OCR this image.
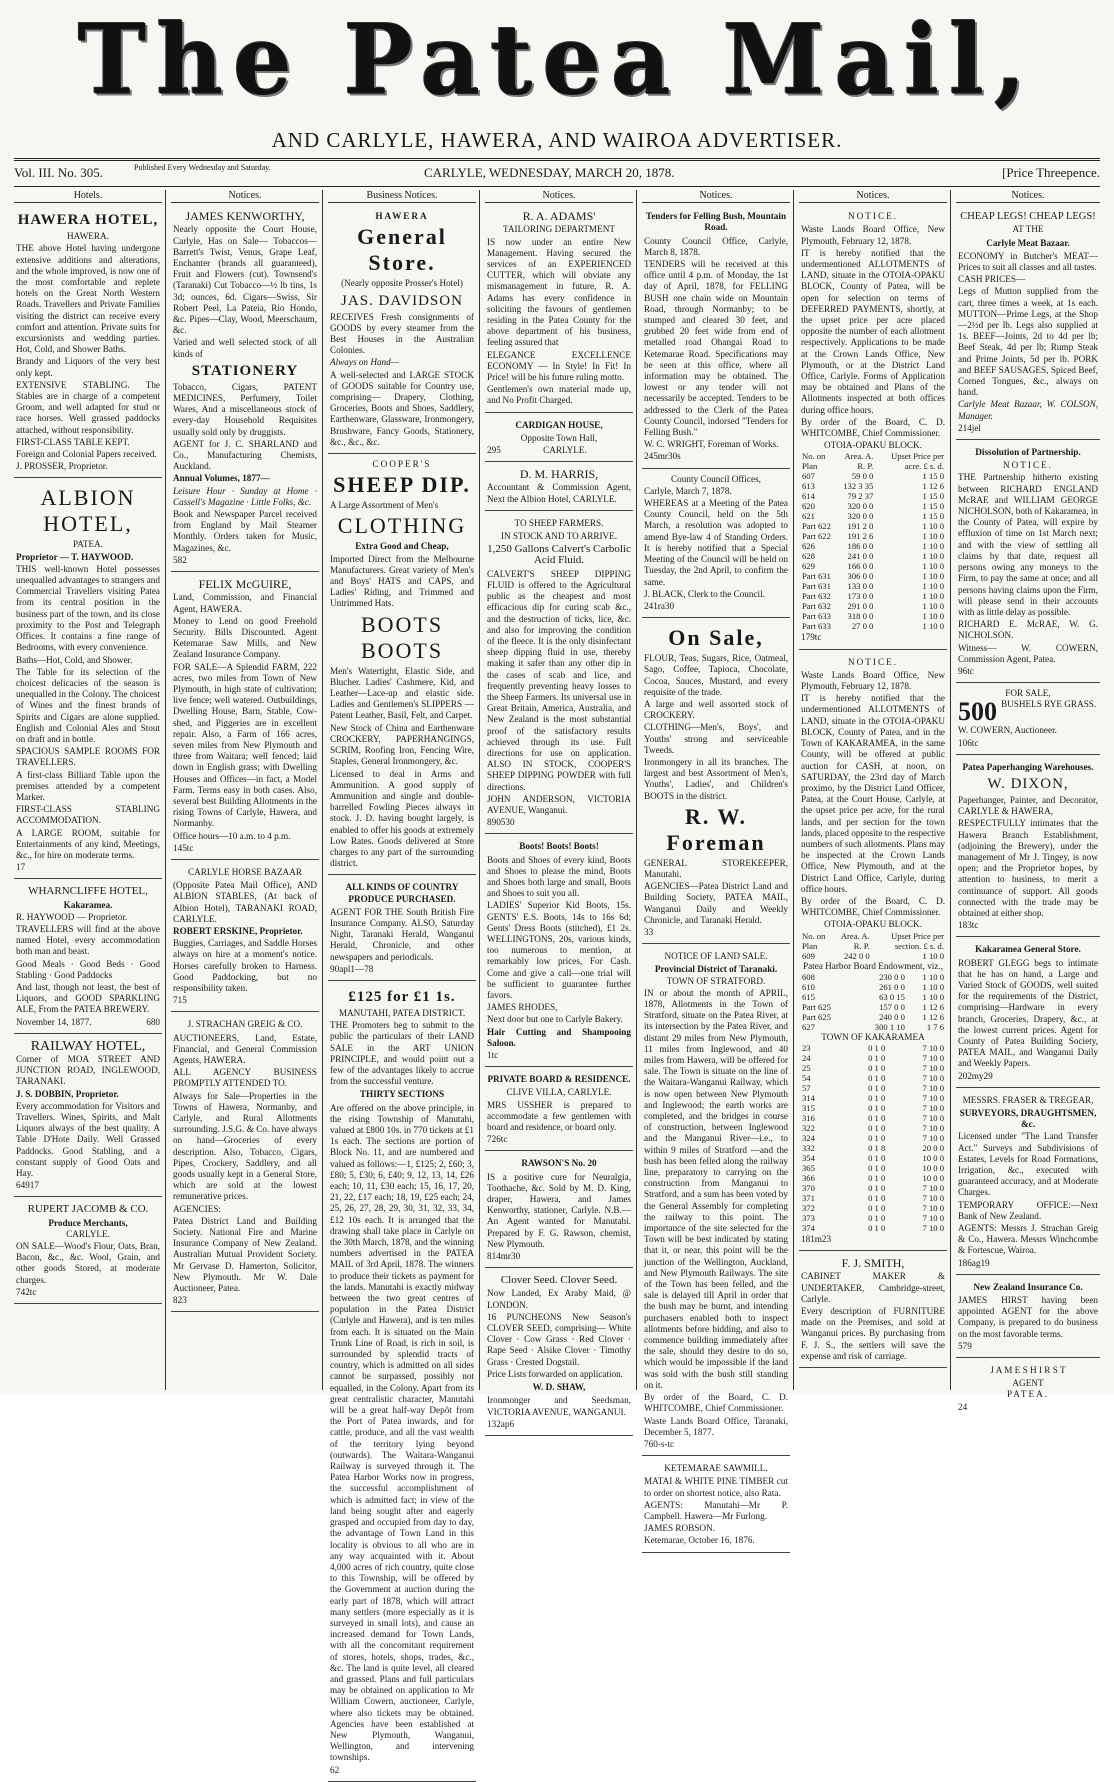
The Patea Mail,
AND CARLYLE, HAWERA, AND WAIROA ADVERTISER.
Vol. III. No. 305.	Published Every Wednesday and Saturday.	CARLYLE, WEDNESDAY, MARCH 20, 1878.	[Price Threepence.
Hotels.
HAWERA HOTEL,
HAWERA.

THE above Hotel having undergone extensive additions and alterations, and the whole improved, is now one of the most comfortable and replete hotels on the Great North Western Roads. Travellers and Private Families visiting the district can receive every comfort and attention. Private suits for excursionists and wedding parties. Hot, Cold, and Shower Baths.

Brandy and Liquors of the very best only kept.

EXTENSIVE STABLING. The Stables are in charge of a competent Groom, and well adapted for stud or race horses. Well grassed paddocks attached, without responsibility.

FIRST-CLASS TABLE KEPT.

Foreign and Colonial Papers received.

J. PROSSER, Proprietor.

ALBION HOTEL,
PATEA.

Proprietor — T. HAYWOOD.

THIS well-known Hotel possesses unequalled advantages to strangers and Commercial Travellers visiting Patea from its central position in the business part of the town, and its close proximity to the Post and Telegraph Offices. It contains a fine range of Bedrooms, with every convenience.

Baths—Hot, Cold, and Shower.

The Table for its selection of the choicest delicacies of the season is unequalled in the Colony. The choicest of Wines and the finest brands of Spirits and Cigars are alone supplied. English and Colonial Ales and Stout on draft and in bottle.

SPACIOUS SAMPLE ROOMS FOR TRAVELLERS.

A first-class Billiard Table upon the premises attended by a competent Marker.

FIRST-CLASS STABLING ACCOMMODATION.

A LARGE ROOM, suitable for Entertainments of any kind, Meetings, &c., for hire on moderate terms.

17

WHARNCLIFFE HOTEL,
Kakaramea.

R. HAYWOOD — Proprietor.

TRAVELLERS will find at the above named Hotel, every accommodation both man and beast.

Good Meals · Good Beds · Good Stabling · Good Paddocks

And last, though not least, the best of Liquors, and GOOD SPARKLING ALE, From the PATEA BREWERY.

November 14, 1877.	680

RAILWAY HOTEL,

Corner of MOA STREET AND JUNCTION ROAD, INGLEWOOD, TARANAKI.

J. S. DOBBIN, Proprietor.

Every accommodation for Visitors and Travellers. Wines, Spirits, and Malt Liquors always of the best quality. A Table D'Hote Daily. Well Grassed Paddocks. Good Stabling, and a constant supply of Good Oats and Hay.

64917

RUPERT JACOMB & CO.
Produce Merchants,
CARLYLE.

ON SALE—Wood's Flour, Oats, Bran, Bacon, &c., &c. Wool, Grain, and other goods Stored, at moderate charges.

742tc

Notices.
JAMES KENWORTHY,

Nearly opposite the Court House, Carlyle, Has on Sale— Tobaccos—Barrett's Twist, Venus, Grape Leaf, Enchanter (brands all guaranteed), Fruit and Flowers (cut). Townsend's (Taranaki) Cut Tobacco—½ lb tins, 1s 3d; ounces, 6d. Cigars—Swiss, Sir Robert Peel, La Pateia, Rio Hondo, &c. Pipes—Clay, Wood, Meerschaum, &c.

Varied and well selected stock of all kinds of

STATIONERY

Tobacco, Cigars, PATENT MEDICINES, Perfumery, Toilet Wares, And a miscellaneous stock of every-day Household Requisites usually sold only by druggists.

AGENT for J. C. SHARLAND and Co., Manufacturing Chemists, Auckland.

Annual Volumes, 1877—

Leisure Hour · Sunday at Home · Cassell's Magazine · Little Folks, &c.

Book and Newspaper Parcel received from England by Mail Steamer Monthly. Orders taken for Music, Magazines, &c.

582

FELIX McGUIRE,

Land, Commission, and Financial Agent, HAWERA.

Money to Lend on good Freehold Security. Bills Discounted. Agent Ketemarae Saw Mills, and New Zealand Insurance Company.

FOR SALE—A Splendid FARM, 222 acres, two miles from Town of New Plymouth, in high state of cultivation; live fence; well watered. Outbuildings, Dwelling House, Barn, Stable, Cow-shed, and Piggeries are in excellent repair. Also, a Farm of 166 acres, seven miles from New Plymouth and three from Waitara; well fenced; laid down in English grass; with Dwelling Houses and Offices—in fact, a Model Farm. Terms easy in both cases. Also, several best Building Allotments in the rising Towns of Carlyle, Hawera, and Normanby.

Office hours—10 a.m. to 4 p.m.

145tc

CARLYLE HORSE BAZAAR

(Opposite Patea Mail Office), AND ALBION STABLES, (At back of Albion Hotel), TARANAKI ROAD, CARLYLE.

ROBERT ERSKINE, Proprietor.

Buggies, Carriages, and Saddle Horses always on hire at a moment's notice. Horses carefully broken to Harness. Good Paddocking, but no responsibility taken.

715

J. STRACHAN GREIG & CO.

AUCTIONEERS, Land, Estate, Financial, and General Commission Agents, HAWERA.

ALL AGENCY BUSINESS PROMPTLY ATTENDED TO.

Always for Sale—Properties in the Towns of Hawera, Normanby, and Carlyle, and Rural Allotments surrounding. J.S.G. & Co. have always on hand—Groceries of every description. Also, Tobacco, Cigars, Pipes, Crockery, Saddlery, and all goods usually kept in a General Store, which are sold at the lowest remunerative prices.

AGENCIES:

Patea District Land and Building Society. National Fire and Marine Insurance Company of New Zealand. Australian Mutual Provident Society. Mr Gervase D. Hamerton, Solicitor, New Plymouth. Mr W. Dale Auctioneer, Patea.

823

Business Notices.
HAWERA
General Store.
(Nearly opposite Prosser's Hotel)
JAS. DAVIDSON

RECEIVES Fresh consignments of GOODS by every steamer from the Best Houses in the Australian Colonies.

Always on Hand—

A well-selected and LARGE STOCK of GOODS suitable for Country use, comprising— Drapery, Clothing, Groceries, Boots and Shoes, Saddlery, Earthenware, Glassware, Ironmongery, Brushware, Fancy Goods, Stationery, &c., &c., &c.

COOPER'S
SHEEP DIP.

A Large Assortment of Men's

CLOTHING
Extra Good and Cheap,

Imported Direct from the Melbourne Manufacturers. Great variety of Men's and Boys' HATS and CAPS, and Ladies' Riding, and Trimmed and Untrimmed Hats.

BOOTS BOOTS

Men's Watertight, Elastic Side, and Blucher. Ladies' Cashmere, Kid, and Leather—Lace-up and elastic side. Ladies and Gentlemen's SLIPPERS —Patent Leather, Basil, Felt, and Carpet.

New Stock of China and Earthenware CROCKERY, PAPERHANGINGS, SCRIM, Roofing Iron, Fencing Wire, Staples, General Ironmongery, &c.

Licensed to deal in Arms and Ammunition. A good supply of Ammunition and single and double-barrelled Fowling Pieces always in stock. J. D. having bought largely, is enabled to offer his goods at extremely Low Rates. Goods delivered at Store charges to any part of the surrounding district.

ALL KINDS OF COUNTRY PRODUCE PURCHASED.

AGENT FOR THE South British Fire Insurance Company. ALSO, Saturday Night, Taranaki Herald, Wanganui Herald, Chronicle, and other newspapers and periodicals.

90apl1—78

£125 for £1 1s.
MANUTAHI, PATEA DISTRICT.

THE Promoters beg to submit to the public the particulars of their LAND SALE in the ART UNION PRINCIPLE, and would point out a few of the advantages likely to accrue from the successful venture.

THIRTY SECTIONS

Are offered on the above principle, in the rising Township of Manutahi, valued at £800 10s. in 770 tickets at £1 1s each. The sections are portion of Block No. 11, and are numbered and valued as follows:—1, £125; 2, £60; 3, £80; 5, £30; 6, £40; 9, 12, 13, 14, £26 each; 10, 11, £30 each; 15, 16, 17, 20, 21, 22, £17 each; 18, 19, £25 each; 24, 25, 26, 27, 28, 29, 30, 31, 32, 33, 34, £12 10s each. It is arranged that the drawing shall take place in Carlyle on the 30th March, 1878, and the winning numbers advertised in the PATEA MAIL of 3rd April, 1878. The winners to produce their tickets as payment for the lands. Manutahi is exactly midway between the two great centres of population in the Patea District (Carlyle and Hawera), and is ten miles from each. It is situated on the Main Trunk Line of Road, is rich in soil, is surrounded by splendid tracts of country, which is admitted on all sides cannot be surpassed, possibly not equalled, in the Colony. Apart from its great centralistic character, Manutahi will be a great half-way Depôt from the Port of Patea inwards, and for cattle, produce, and all the vast wealth of the territory lying beyond (outwards). The Waitara-Wanganui Railway is surveyed through it. The Patea Harbor Works now in progress, the successful accomplishment of which is admitted fact; in view of the land being sought after and eagerly grasped and occupied from day to day, the advantage of Town Land in this locality is obvious to all who are in any way acquainted with it. About 4,000 acres of rich country, quite close to this Township, will be offered by the Government at auction during the early part of 1878, which will attract many settlers (more especially as it is surveyed in small lots), and cause an increased demand for Town Lands, with all the concomitant requirement of stores, hotels, shops, trades, &c., &c. The land is quite level, all cleared and grassed. Plans and full particulars may be obtained on application to Mr William Cowern, auctioneer, Carlyle, where also tickets may be obtained. Agencies have been established at New Plymouth, Wanganui, Wellington, and intervening townships.

62

Notices.
R. A. ADAMS'
TAILORING DEPARTMENT

IS now under an entire New Management. Having secured the services of an EXPERIENCED CUTTER, which will obviate any mismanagement in future, R. A. Adams has every confidence in soliciting the favours of gentlemen residing in the Patea County for the above department of his business, feeling assured that

ELEGANCE EXCELLENCE ECONOMY — In Style! In Fit! In Price! will be his future ruling motto.

Gentlemen's own material made up, and No Profit Charged.

CARDIGAN HOUSE,
Opposite Town Hall,

295	CARLYLE.

D. M. HARRIS,

Accountant & Commission Agent, Next the Albion Hotel, CARLYLE.

TO SHEEP FARMERS.
IN STOCK AND TO ARRIVE.
1,250 Gallons Calvert's Carbolic Acid Fluid.

CALVERT'S SHEEP DIPPING FLUID is offered to the Agricultural public as the cheapest and most efficacious dip for curing scab &c., and the destruction of ticks, lice, &c. and also for improving the condition of the fleece. It is the only disinfectant sheep dipping fluid in use, thereby making it safer than any other dip in the cases of scab and lice, and frequently preventing heavy losses to the Sheep Farmers. Its universal use in Great Britain, America, Australia, and New Zealand is the most substantial proof of the satisfactory results achieved through its use. Full directions for use on application. ALSO IN STOCK, COOPER'S SHEEP DIPPING POWDER with full directions.

JOHN ANDERSON, VICTORIA AVENUE, Wanganui.

890530

Boots! Boots! Boots!

Boots and Shoes of every kind, Boots and Shoes to please the mind, Boots and Shoes both large and small, Boots and Shoes to suit you all.

LADIES' Superior Kid Boots, 15s. GENTS' E.S. Boots, 14s to 16s 6d; Gents' Dress Boots (stitched), £1 2s. WELLINGTONS, 20s, various kinds, too numerous to mention, at remarkably low prices, For Cash. Come and give a call—one trial will be sufficient to guarantee further favors.

JAMES RHODES,

Next door but one to Carlyle Bakery.

Hair Cutting and Shampooing Saloon.

1tc

PRIVATE BOARD & RESIDENCE.
CLIVE VILLA, CARLYLE.

MRS USSHER is prepared to accommodate a few gentlemen with board and residence, or board only.

726tc

RAWSON'S No. 20

IS a positive cure for Neuralgia, Toothache, &c. Sold by M. D. King, draper, Hawera, and James Kenworthy, stationer, Carlyle. N.B.—An Agent wanted for Manutahi. Prepared by F. G. Rawson, chemist, New Plymouth.

814mr30

Clover Seed. Clover Seed.

Now Landed, Ex Araby Maid, @ LONDON.

16 PUNCHEONS New Season's CLOVER SEED, comprising— White Clover · Cow Grass · Red Clover · Rape Seed · Alsike Clover · Timothy Grass · Crested Dogstail.

Price Lists forwarded on application.

W. D. SHAW,

Ironmonger and Seedsman, VICTORIA AVENUE, WANGANUI.

132ap6

Notices.
Tenders for Felling Bush, Mountain Road.

County Council Office, Carlyle, March 8, 1878.

TENDERS will be received at this office until 4 p.m. of Monday, the 1st day of April, 1878, for FELLING BUSH one chain wide on Mountain Road, through Normanby; to be stumped and cleared 30 feet, and grubbed 20 feet wide from end of metalled road Ohangai Road to Ketemarae Road. Specifications may be seen at this office, where all information may be obtained. The lowest or any tender will not necessarily be accepted. Tenders to be addressed to the Clerk of the Patea County Council, indorsed "Tenders for Felling Bush."

W. C. WRIGHT, Foreman of Works.

245mr30s

County Council Offices,

Carlyle, March 7, 1878.

WHEREAS at a Meeting of the Patea County Council, held on the 5th March, a resolution was adopted to amend Bye-law 4 of Standing Orders. It is hereby notified that a Special Meeting of the Council will be held on Tuesday, the 2nd April, to confirm the same.

J. BLACK, Clerk to the Council.

241ra30

On Sale,

FLOUR, Teas, Sugars, Rice, Oatmeal, Sago, Coffee, Tapioca, Chocolate, Cocoa, Sauces, Mustard, and every requisite of the trade.

A large and well assorted stock of CROCKERY.

CLOTHING—Men's, Boys', and Youths' strong and serviceable Tweeds.

Ironmongery in all its branches. The largest and best Assortment of Men's, Youths', Ladies', and Children's BOOTS in the district.

R. W. Foreman

GENERAL STOREKEEPER, Manutahi.

AGENCIES—Patea District Land and Building Society, PATEA MAIL, Wanganui Daily and Weekly Chronicle, and Taranaki Herald.

33

NOTICE OF LAND SALE.
Provincial District of Taranaki.
TOWN OF STRATFORD.

IN or about the month of APRIL, 1878, Allotments in the Town of Stratford, situate on the Patea River, at its intersection by the Patea River, and distant 29 miles from New Plymouth, 11 miles from Inglewood, and 40 miles from Hawera, will be offered for sale. The Town is situate on the line of the Waitara-Wanganui Railway, which is now open between New Plymouth and Inglewood; the earth works are completed, and the bridges in course of construction, between Inglewood and the Manganui River—i.e., to within 9 miles of Stratford —and the bush has been felled along the railway line, preparatory to carrying on the construction from Manganui to Stratford, and a sum has been voted by the General Assembly for completing the railway to this point. The importance of the site selected for the Town will be best indicated by stating that it, or near, this point will be the junction of the Wellington, Auckland, and New Plymouth Railways. The site of the Town has been felled, and the sale is delayed till April in order that the bush may be burnt, and intending purchasers enabled both to inspect allotments before bidding, and also to commence building immediately after the sale, should they desire to do so, which would be impossible if the land was sold with the bush still standing on it.

By order of the Board, C. D. WHITCOMBE, Chief Commissioner.

Waste Lands Board Office, Taranaki, December 5, 1877.

760-s-tc

KETEMARAE SAWMILL.

MATAI & WHITE PINE TIMBER cut to order on shortest notice, also Rata.

AGENTS: Manutahi—Mr P. Campbell. Hawera—Mr Furlong.

JAMES ROBSON.

Ketemarae, October 16, 1876.

Notices.
NOTICE.

Waste Lands Board Office, New Plymouth, February 12, 1878.

IT is hereby notified that the undermentioned ALLOTMENTS of LAND, situate in the OTOIA-OPAKU BLOCK, County of Patea, will be open for selection on terms of DEFERRED PAYMENTS, shortly, at the upset price per acre placed opposite the number of each allotment respectively. Applications to be made at the Crown Lands Office, New Plymouth, or at the District Land Office, Carlyle. Forms of Application may be obtained and Plans of the Allotments inspected at both offices during office hours.

By order of the Board, C. D. WHITCOMBE, Chief Commissioner.

OTOIA-OPAKU BLOCK.
No. on Plan	Area. A. R. P.	Upset Price per acre. £ s. d.
607	59 0 0	1 15 0
613	132 3 35	1 12 6
614	79 2 37	1 15 0
620	320 0 0	1 15 0
621	320 0 0	1 15 0
Part 622	191 2 0	1 10 0
Part 622	191 2 6	1 10 0
626	186 0 0	1 10 0
628	241 0 0	1 10 0
629	166 0 0	1 10 0
Part 631	306 0 0	1 10 0
Part 631	133 0 0	1 10 0
Part 632	173 0 0	1 10 0
Part 632	291 0 0	1 10 0
Part 633	318 0 0	1 10 0
Part 633	27 0 0	1 10 0

179tc

NOTICE.

Waste Lands Board Office, New Plymouth, February 12, 1878.

IT is hereby notified that the undermentioned ALLOTMENTS of LAND, situate in the OTOIA-OPAKU BLOCK, County of Patea, and in the Town of KAKARAMEA, in the same County, will be offered at public auction for CASH, at noon, on SATURDAY, the 23rd day of March proximo, by the District Land Officer, Patea, at the Court House, Carlyle, at the upset price per acre, for the rural lands, and per section for the town lands, placed opposite to the respective numbers of such allotments. Plans may be inspected at the Crown Lands Office, New Plymouth, and at the District Land Office, Carlyle, during office hours.

By order of the Board, C. D. WHITCOMBE, Chief Commissioner.

OTOIA-OPAKU BLOCK.
No. on Plan	Area. A. R. P.	Upset Price per section. £ s. d.
609	242 0 0	1 10 0
Patea Harbor Board Endowment, viz.,
608	230 0 0	1 10 0
610	261 0 0	1 10 0
615	63 0 15	1 10 0
Part 625	157 0 0	1 12 6
Part 625	240 0 0	1 12 6
627	300 1 10	1 7 6
TOWN OF KAKARAMEA
23	0 1 0	7 10 0
24	0 1 0	7 10 0
25	0 1 0	7 10 0
54	0 1 0	7 10 0
57	0 1 0	7 10 0
314	0 1 0	7 10 0
315	0 1 0	7 10 0
316	0 1 0	7 10 0
322	0 1 0	7 10 0
324	0 1 0	7 10 0
332	0 1 8	20 0 0
354	0 1 0	10 0 0
365	0 1 0	10 0 0
366	0 1 0	10 0 0
370	0 1 0	7 10 0
371	0 1 0	7 10 0
372	0 1 0	7 10 0
373	0 1 0	7 10 0
374	0 1 0	7 10 0

181m23

F. J. SMITH,

CABINET MAKER & UNDERTAKER, Cambridge-street, Carlyle.

Every description of FURNITURE made on the Premises, and sold at Wanganui prices. By purchasing from F. J. S., the settlers will save the expense and risk of carriage.

Notices.
CHEAP LEGS! CHEAP LEGS!
AT THE
Carlyle Meat Bazaar.

ECONOMY in Butcher's MEAT—Prices to suit all classes and all tastes.

CASH PRICES—

Legs of Mutton supplied from the cart, three times a week, at 1s each. MUTTON—Prime Legs, at the Shop—2½d per lb. Legs also supplied at 1s. BEEF—Joints, 2d to 4d per lb; Beef Steak, 4d per lb; Rump Steak and Prime Joints, 5d per lb. PORK and BEEF SAUSAGES, Spiced Beef, Corned Tongues, &c., always on hand.

Carlyle Meat Bazaar, W. COLSON, Manager.

214jel

Dissolution of Partnership.
NOTICE.

THE Partnership hitherto existing between RICHARD ENGLAND McRAE and WILLIAM GEORGE NICHOLSON, both of Kakaramea, in the County of Patea, will expire by effluxion of time on 1st March next; and with the view of settling all claims by that date, request all persons owing any moneys to the Firm, to pay the same at once; and all persons having claims upon the Firm, will please send in their accounts with as little delay as possible.

RICHARD E. McRAE, W. G. NICHOLSON.

Witness— W. COWERN, Commission Agent, Patea.

96tc

FOR SALE,
500 BUSHELS RYE GRASS.

W. COWERN, Auctioneer.

106tc

Patea Paperhanging Warehouses.
W. DIXON,

Paperhanger, Painter, and Decorator, CARLYLE & HAWERA,

RESPECTFULLY intimates that the Hawera Branch Establishment, (adjoining the Brewery), under the management of Mr J. Tingey, is now open; and the Proprietor hopes, by attention to business, to merit a continuance of support. All goods connected with the trade may be obtained at either shop.

183tc

Kakaramea General Store.

ROBERT GLEGG begs to intimate that he has on hand, a Large and Varied Stock of GOODS, well suited for the requirements of the District, comprising—Hardware in every branch, Groceries, Drapery, &c., at the lowest current prices. Agent for County of Patea Building Society, PATEA MAIL, and Wanganui Daily and Weekly Papers.

202my29

MESSRS. FRASER & TREGEAR,
SURVEYORS, DRAUGHTSMEN, &c.

Licensed under "The Land Transfer Act." Surveys and Subdivisions of Estates, Levels for Road Formations, Irrigation, &c., executed with guaranteed accuracy, and at Moderate Charges.

TEMPORARY OFFICE:—Next Bank of New Zealand.

AGENTS: Messrs J. Strachan Greig & Co., Hawera. Messrs Winchcombe & Fortescue, Wairoa.

186ag19

New Zealand Insurance Co.

JAMES HIRST having been appointed AGENT for the above Company, is prepared to do business on the most favorable terms.

579

J A M E S H I R S T
AGENT
PATEA.

24
